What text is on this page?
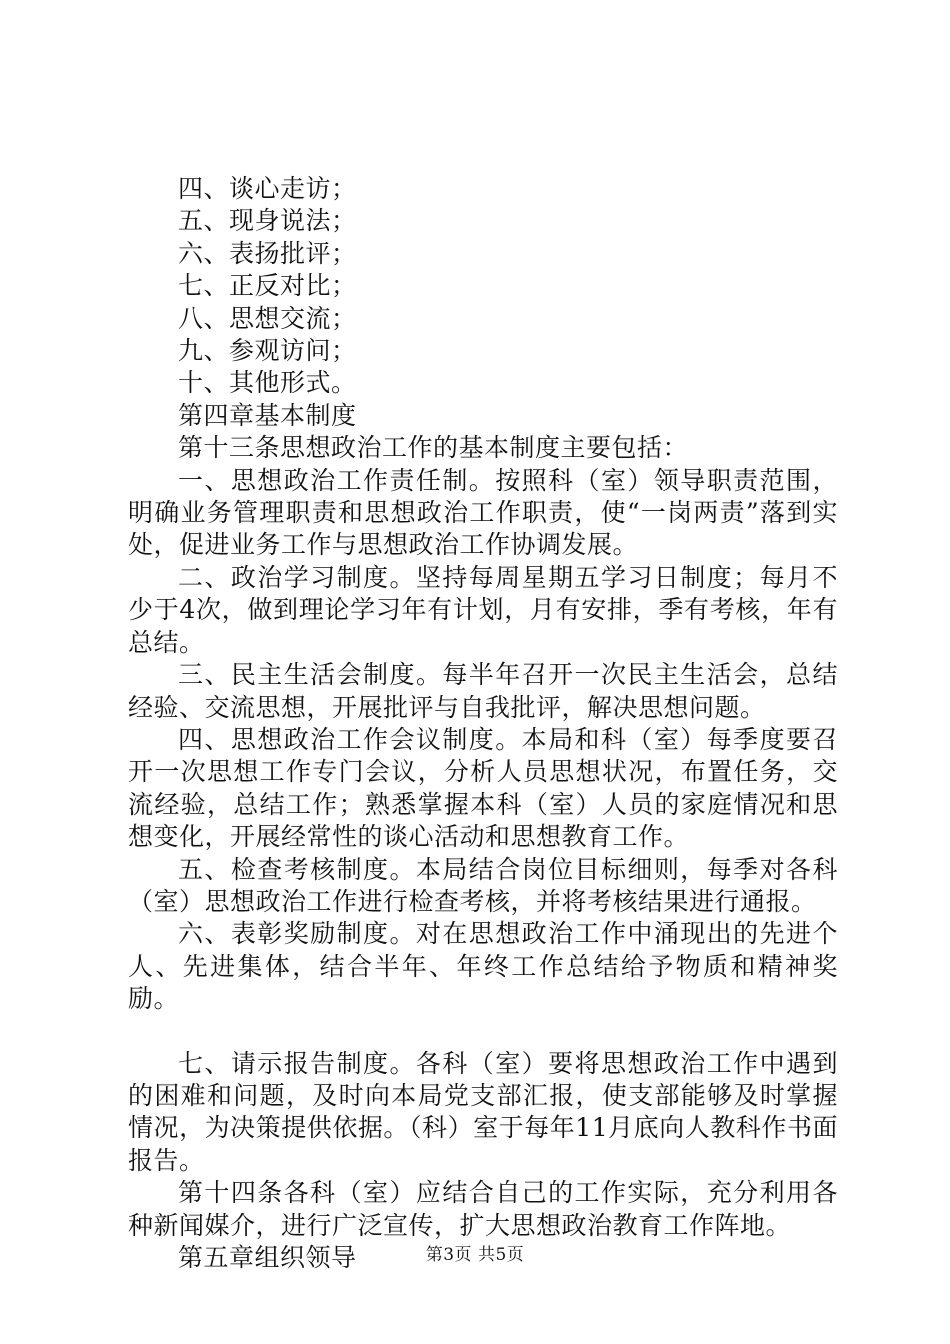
四、谈心走访；

五、现身说法；

六、表扬批评；

七、正反对比；

八、思想交流；

九、参观访问；

十、其他形式。

第四章基本制度

第十三条思想政治工作的基本制度主要包括：

一、思想政治工作责任制。按照科（室）领导职责范围，明确业务管理职责和思想政治工作职责，使“一岗两责”落到实处，促进业务工作与思想政治工作协调发展。

二、政治学习制度。坚持每周星期五学习日制度；每月不少于4次，做到理论学习年有计划，月有安排，季有考核，年有总结。

三、民主生活会制度。每半年召开一次民主生活会，总结经验、交流思想，开展批评与自我批评，解决思想问题。

四、思想政治工作会议制度。本局和科（室）每季度要召开一次思想工作专门会议，分析人员思想状况，布置任务，交流经验，总结工作；熟悉掌握本科（室）人员的家庭情况和思想变化，开展经常性的谈心活动和思想教育工作。

五、检查考核制度。本局结合岗位目标细则，每季对各科（室）思想政治工作进行检查考核，并将考核结果进行通报。

六、表彰奖励制度。对在思想政治工作中涌现出的先进个人、先进集体，结合半年、年终工作总结给予物质和精神奖励。

七、请示报告制度。各科（室）要将思想政治工作中遇到的困难和问题，及时向本局党支部汇报，使支部能够及时掌握情况，为决策提供依据。（科）室于每年11月底向人教科作书面报告。

第十四条各科（室）应结合自己的工作实际，充分利用各种新闻媒介，进行广泛宣传，扩大思想政治教育工作阵地。

第五章组织领导	第3页 共5页
